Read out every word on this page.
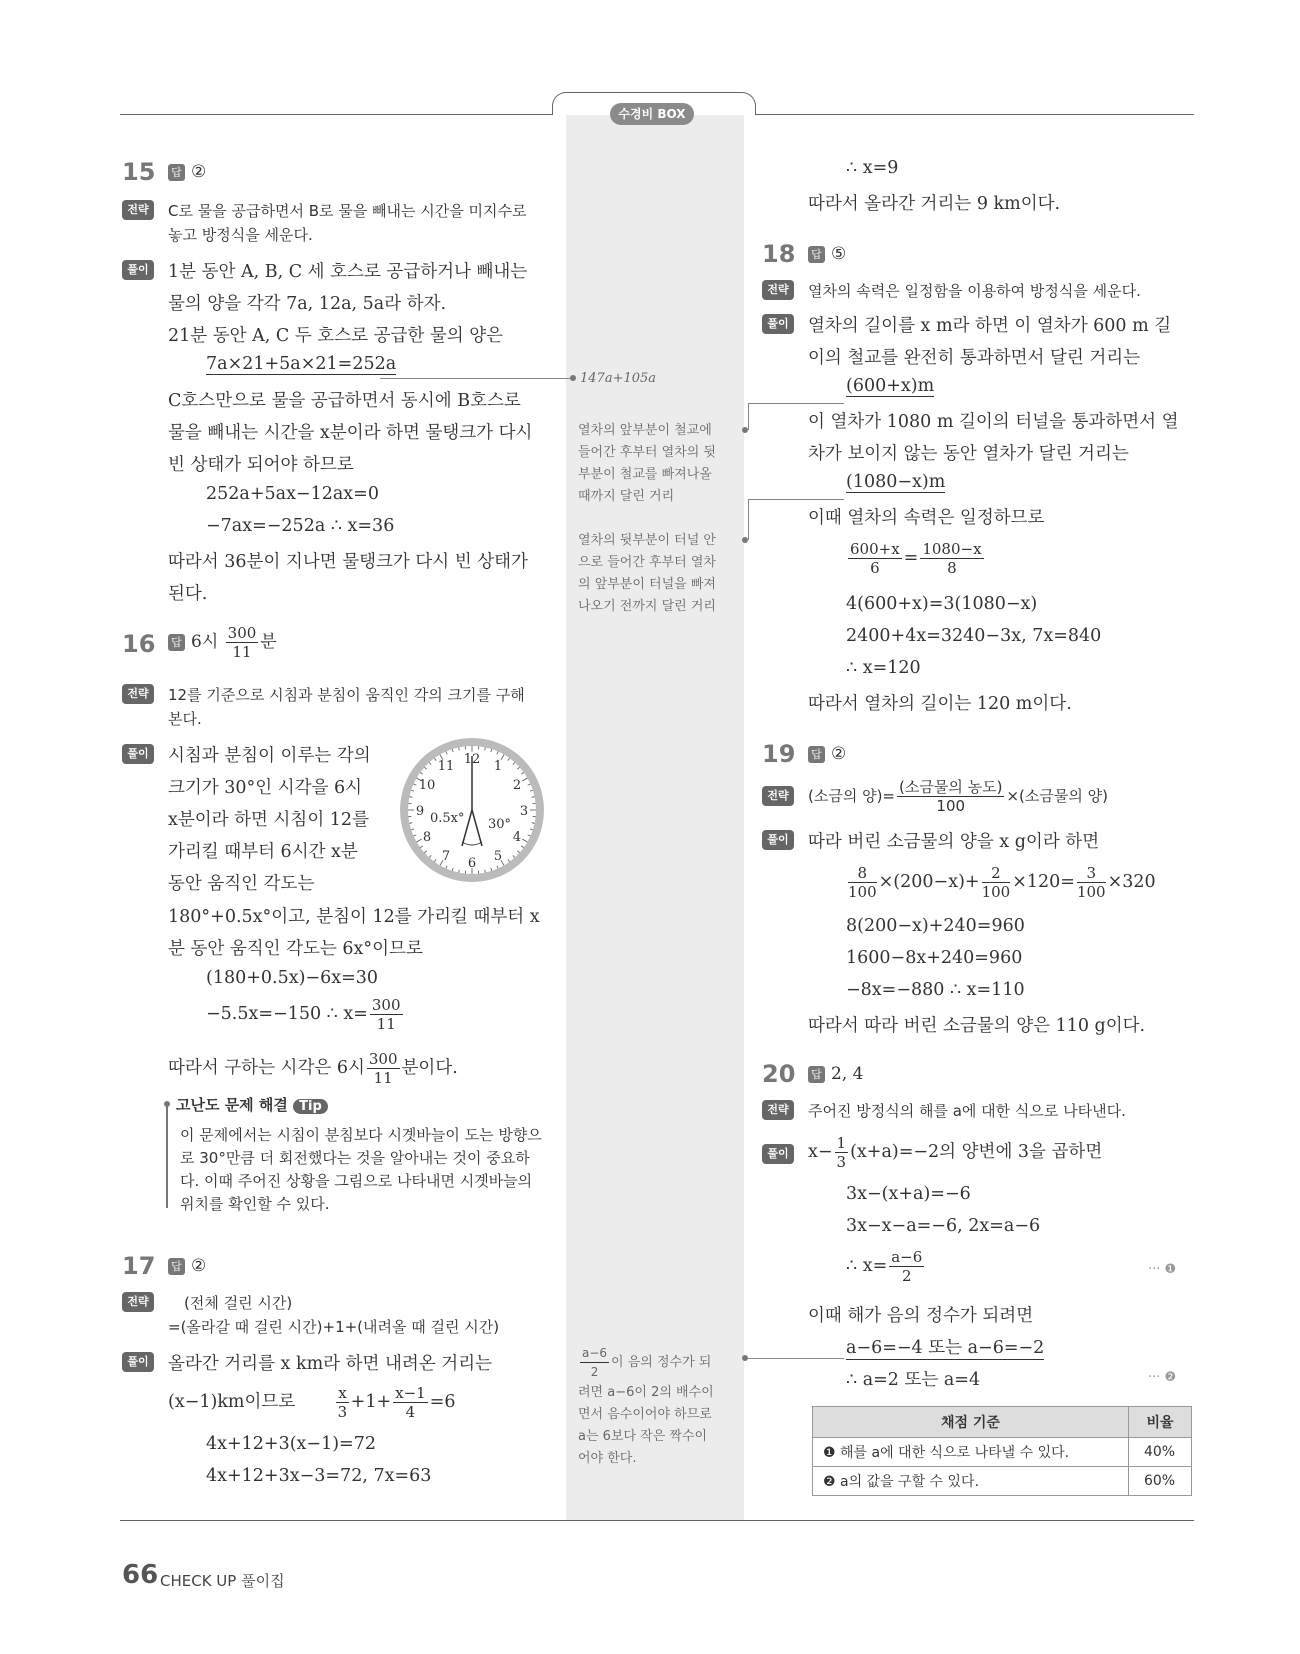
수경비 BOX
15 답 ②
전략	C로 물을 공급하면서 B로 물을 빼내는 시간을 미지수로
놓고 방정식을 세운다.
풀이	1분 동안 A, B, C 세 호스로 공급하거나 빼내는
물의 양을 각각 7a, 12a, 5a라 하자.
21분 동안 A, C 두 호스로 공급한 물의 양은
7a×21+5a×21=252a
C호스만으로 물을 공급하면서 동시에 B호스로
물을 빼내는 시간을 x분이라 하면 물탱크가 다시
빈 상태가 되어야 하므로
252a+5ax−12ax=0
−7ax=−252a ∴ x=36
따라서 36분이 지나면 물탱크가 다시 빈 상태가
된다.
16 답 6시 $\frac{300}{11}$ 분
전략	12를 기준으로 시침과 분침이 움직인 각의 크기를 구해
본다.
풀이	시침과 분침이 이루는 각의
크기가 30°인 시각을 6시
x분이라 하면 시침이 12를
가리킬 때부터 6시간 x분
동안 움직인 각도는
180°+0.5x°이고, 분침이 12를 가리킬 때부터 x
분 동안 움직인 각도는 6x°이므로
(180+0.5x)−6x=30
−5.5x=−150 ∴ $x= \frac{300}{11}$
따라서 구하는 시각은 6시 $\frac{300}{11}$ 분이다.
12 1
2
3
4
5
6
7
8
9
10
11
0.5x° 30°
고난도 문제 해결 Tip
이 문제에서는 시침이 분침보다 시곗바늘이 도는 방향으
로 30°만큼 더 회전했다는 것을 알아내는 것이 중요하
다. 이때 주어진 상황을 그림으로 나타내면 시곗바늘의
위치를 확인할 수 있다.
17 답 ②
전략	(전체 걸린 시간)
=(올라갈 때 걸린 시간)+1+(내려올 때 걸린 시간)
풀이	올라간 거리를 x km라 하면 내려온 거리는
(x−1)km이므로	$\frac{x}{3} +1+ \frac{x-1}{4} =6$
4x+12+3(x−1)=72
4x+12+3x−3=72, 7x=63
∴ x=9
따라서 올라간 거리는 9 km이다.
18 답 ⑤
전략	열차의 속력은 일정함을 이용하여 방정식을 세운다.
풀이	열차의 길이를 x m라 하면 이 열차가 600 m 길
이의 철교를 완전히 통과하면서 달린 거리는
(600+x)m
이 열차가 1080 m 길이의 터널을 통과하면서 열
차가 보이지 않는 동안 열차가 달린 거리는
(1080−x)m
이때 열차의 속력은 일정하므로
$\frac{600+x}{6} = \frac{1080-x}{8}$
4(600+x)=3(1080−x)
2400+4x=3240−3x, 7x=840
∴ x=120
따라서 열차의 길이는 120 m이다.
19 답 ②
전략	(소금의 양)= $\frac{\text{(소금물의 농도)}}{100}$ ×(소금물의 양)
풀이	따라 버린 소금물의 양을 x g이라 하면
$\frac{8}{100} \times(200-x)+ \frac{2}{100} \times 120= \frac{3}{100} \times 320$
8(200−x)+240=960
1600−8x+240=960
−8x=−880 ∴ x=110
따라서 따라 버린 소금물의 양은 110 g이다.
20 답 2, 4
전략	주어진 방정식의 해를 a에 대한 식으로 나타낸다.
풀이	$x- \frac{1}{3} (x+a)=-2$의 양변에 3을 곱하면
3x−(x+a)=−6
3x−x−a=−6, 2x=a−6
∴ $x= \frac{a-6}{2}$	··· ❶
이때 해가 음의 정수가 되려면
a−6=−4 또는 a−6=−2
∴ a=2 또는 a=4	··· ❷
채점 기준	비율
❶ 해를 a에 대한 식으로 나타낼 수 있다.	40%
❷ a의 값을 구할 수 있다.	60%
147a+105a
열차의 앞부분이 철교에
들어간 후부터 열차의 뒷
부분이 철교를 빠져나올
때까지 달린 거리
열차의 뒷부분이 터널 안
으로 들어간 후부터 열차
의 앞부분이 터널을 빠져
나오기 전까지 달린 거리
$\frac{a-6}{2}$ 이 음의 정수가 되
려면 a−6이 2의 배수이
면서 음수이어야 하므로
a는 6보다 작은 짝수이
어야 한다.
66 CHECK UP 풀이집
